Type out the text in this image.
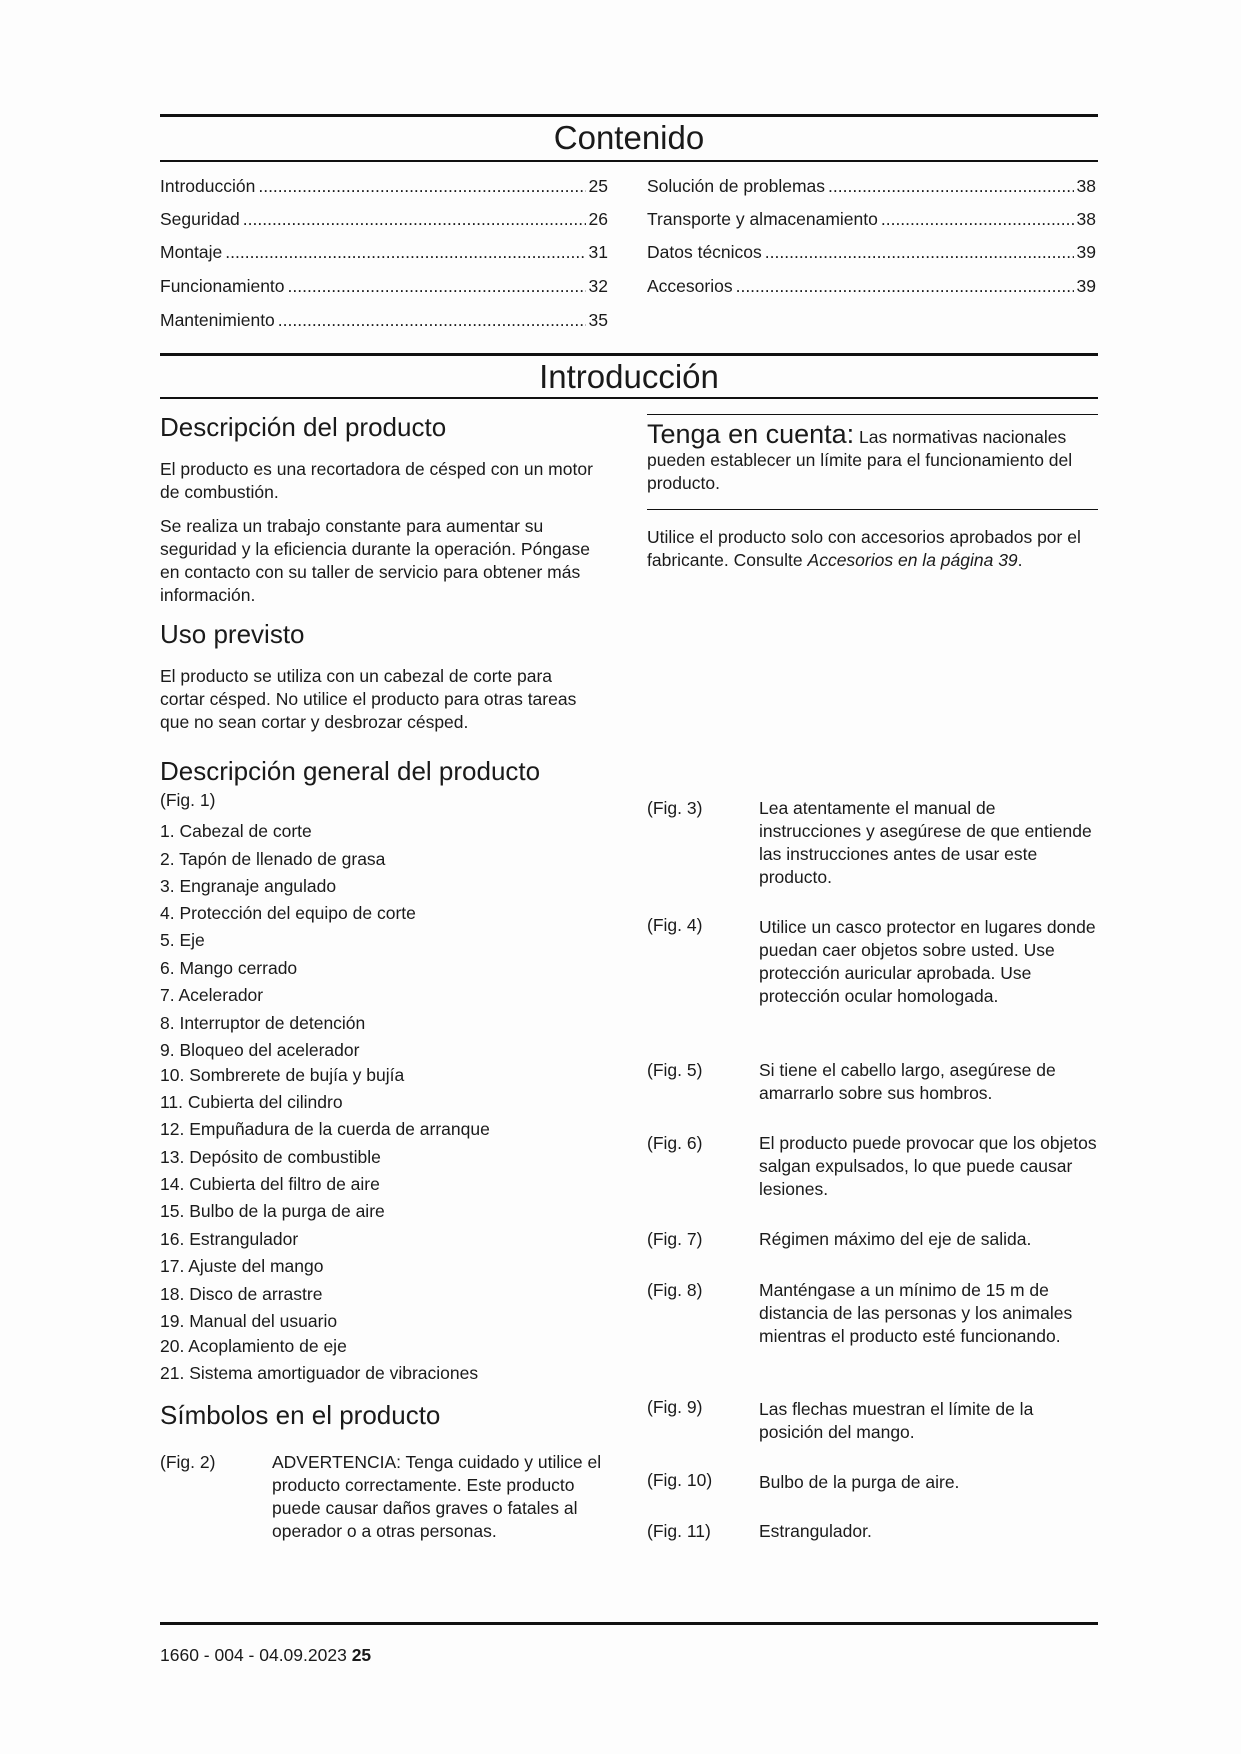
Contenido
Introducción .....	25
Seguridad .....	26
Montaje .....	31
Funcionamiento .....	32
Mantenimiento .....	35
Solución de problemas .....	38
Transporte y almacenamiento .....	38
Datos técnicos .....	39
Accesorios .....	39
Introducción
Descripción del producto

El producto es una recortadora de césped con un motor de combustión.

Se realiza un trabajo constante para aumentar su seguridad y la eficiencia durante la operación. Póngase en contacto con su taller de servicio para obtener más información.

Uso previsto

El producto se utiliza con un cabezal de corte para cortar césped. No utilice el producto para otras tareas que no sean cortar y desbrozar césped.

Descripción general del producto
(Fig. 1)
1. Cabezal de corte
2. Tapón de llenado de grasa
3. Engranaje angulado
4. Protección del equipo de corte
5. Eje
6. Mango cerrado
7. Acelerador
8. Interruptor de detención
9. Bloqueo del acelerador
10. Sombrerete de bujía y bujía
11. Cubierta del cilindro
12. Empuñadura de la cuerda de arranque
13. Depósito de combustible
14. Cubierta del filtro de aire
15. Bulbo de la purga de aire
16. Estrangulador
17. Ajuste del mango
18. Disco de arrastre
19. Manual del usuario
20. Acoplamiento de eje
21. Sistema amortiguador de vibraciones
Símbolos en el producto
(Fig. 2)	ADVERTENCIA: Tenga cuidado y utilice el producto correctamente. Este producto puede causar daños graves o fatales al operador o a otras personas.
Tenga en cuenta: Las normativas nacionales pueden establecer un límite para el funcionamiento del producto.

Utilice el producto solo con accesorios aprobados por el fabricante. Consulte Accesorios en la página 39.

(Fig. 3)	Lea atentamente el manual de instrucciones y asegúrese de que entiende las instrucciones antes de usar este producto.
(Fig. 4)	Utilice un casco protector en lugares donde puedan caer objetos sobre usted. Use protección auricular aprobada. Use protección ocular homologada.
(Fig. 5)	Si tiene el cabello largo, asegúrese de amarrarlo sobre sus hombros.
(Fig. 6)	El producto puede provocar que los objetos salgan expulsados, lo que puede causar lesiones.
(Fig. 7)	Régimen máximo del eje de salida.
(Fig. 8)	Manténgase a un mínimo de 15 m de distancia de las personas y los animales mientras el producto esté funcionando.
(Fig. 9)	Las flechas muestran el límite de la posición del mango.
(Fig. 10)	Bulbo de la purga de aire.
(Fig. 11)	Estrangulador.
1660 - 004 - 04.09.2023 25
